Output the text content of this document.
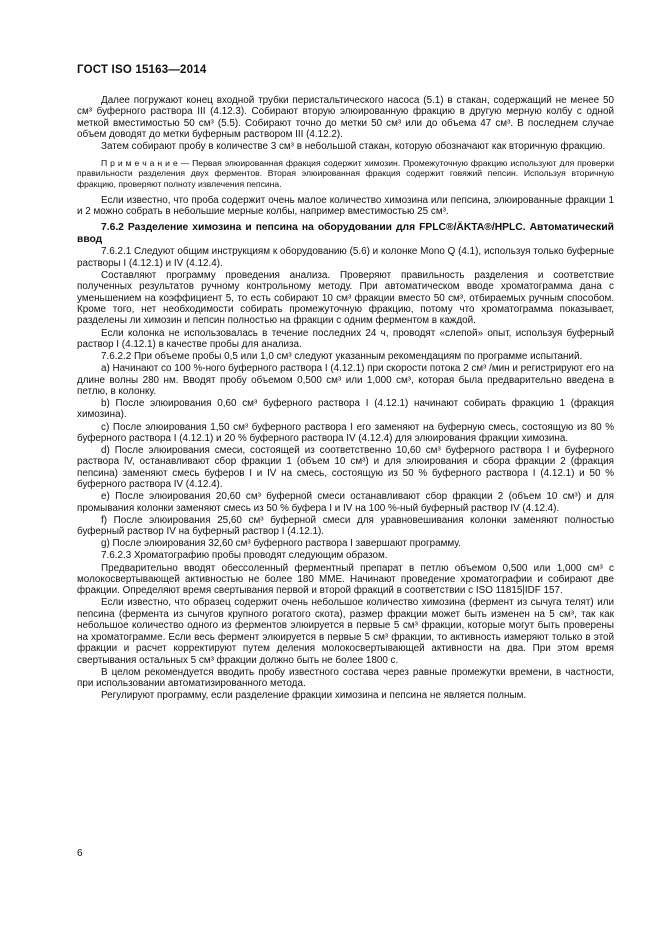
ГОСТ ISO 15163—2014

Далее погружают конец входной трубки перистальтического насоса (5.1) в стакан, содержащий не менее 50 см³ буферного раствора III (4.12.3). Собирают вторую элюированную фракцию в другую мерную колбу с одной меткой вместимостью 50 см³ (5.5). Собирают точно до метки 50 см³ или до объема 47 см³. В последнем случае объем доводят до метки буферным раствором III (4.12.2).

Затем собирают пробу в количестве 3 см³ в небольшой стакан, которую обозначают как вторичную фракцию.

П р и м е ч а н и е — Первая элюированная фракция содержит химозин. Промежуточную фракцию используют для проверки правильности разделения двух ферментов. Вторая элюированная фракция содержит говяжий пепсин. Используя вторичную фракцию, проверяют полноту извлечения пепсина.

Если известно, что проба содержит очень малое количество химозина или пепсина, элюированные фракции 1 и 2 можно собрать в небольшие мерные колбы, например вместимостью 25 см³.

7.6.2 Разделение химозина и пепсина на оборудовании для FPLC®/ÄKTA®/HPLC. Автоматический ввод

7.6.2.1 Следуют общим инструкциям к оборудованию (5.6) и колонке Mono Q (4.1), используя только буферные растворы I (4.12.1) и IV (4.12.4).

Составляют программу проведения анализа. Проверяют правильность разделения и соответствие полученных результатов ручному контрольному методу. При автоматическом вводе хроматограмма дана с уменьшением на коэффициент 5, то есть собирают 10 см³ фракции вместо 50 см³, отбираемых ручным способом. Кроме того, нет необходимости собирать промежуточную фракцию, потому что хроматограмма показывает, разделены ли химозин и пепсин полностью на фракции с одним ферментом в каждой.

Если колонка не использовалась в течение последних 24 ч, проводят «слепой» опыт, используя буферный раствор I (4.12.1) в качестве пробы для анализа.

7.6.2.2 При объеме пробы 0,5 или 1,0 см³ следуют указанным рекомендациям по программе испытаний.

a) Начинают со 100 %-ного буферного раствора I (4.12.1) при скорости потока 2 см³ /мин и регистрируют его на длине волны 280 нм. Вводят пробу объемом 0,500 см³ или 1,000 см³, которая была предварительно введена в петлю, в колонку.

b) После элюирования 0,60 см³ буферного раствора I (4.12.1) начинают собирать фракцию 1 (фракция химозина).

c) После элюирования 1,50 см³ буферного раствора I его заменяют на буферную смесь, состоящую из 80 % буферного раствора I (4.12.1) и 20 % буферного раствора IV (4.12.4) для элюирования фракции химозина.

d) После элюирования смеси, состоящей из соответственно 10,60 см³ буферного раствора I и буферного раствора lV, останавливают сбор фракции 1 (объем 10 см³) и для элюирования и сбора фракции 2 (фракция пепсина) заменяют смесь буферов I и IV на смесь, состоящую из 50 % буферного раствора I (4.12.1) и 50 % буферного раствора IV (4.12.4).

e) После элюирования 20,60 см³ буферной смеси останавливают сбор фракции 2 (объем 10 см³) и для промывания колонки заменяют смесь из 50 % буфера I и IV на 100 %-ный буферный раствор IV (4.12.4).

f) После элюирования 25,60 см³ буферной смеси для уравновешивания колонки заменяют полностью буферный раствор IV на буферный раствор I (4.12.1).

g) После элюирования 32,60 см³ буферного раствора I завершают программу.

7.6.2.3 Хроматографию пробы проводят следующим образом.

Предварительно вводят обессоленный ферментный препарат в петлю объемом 0,500 или 1,000 см³ с молокосвертывающей активностью не более 180 MME. Начинают проведение хроматографии и собирают две фракции. Определяют время свертывания первой и второй фракций в соответствии с ISO 11815|IDF 157.

Если известно, что образец содержит очень небольшое количество химозина (фермент из сычуга телят) или пепсина (фермента из сычугов крупного рогатого скота), размер фракции может быть изменен на 5 см³, так как небольшое количество одного из ферментов элюируется в первые 5 см³ фракции, которые могут быть проверены на хроматограмме. Если весь фермент элюируется в первые 5 см³ фракции, то активность измеряют только в этой фракции и расчет корректируют путем деления молокосвертывающей активности на два. При этом время свертывания остальных 5 см³ фракции должно быть не более 1800 с.

В целом рекомендуется вводить пробу известного состава через равные промежутки времени, в частности, при использовании автоматизированного метода.

Регулируют программу, если разделение фракции химозина и пепсина не является полным.

6
